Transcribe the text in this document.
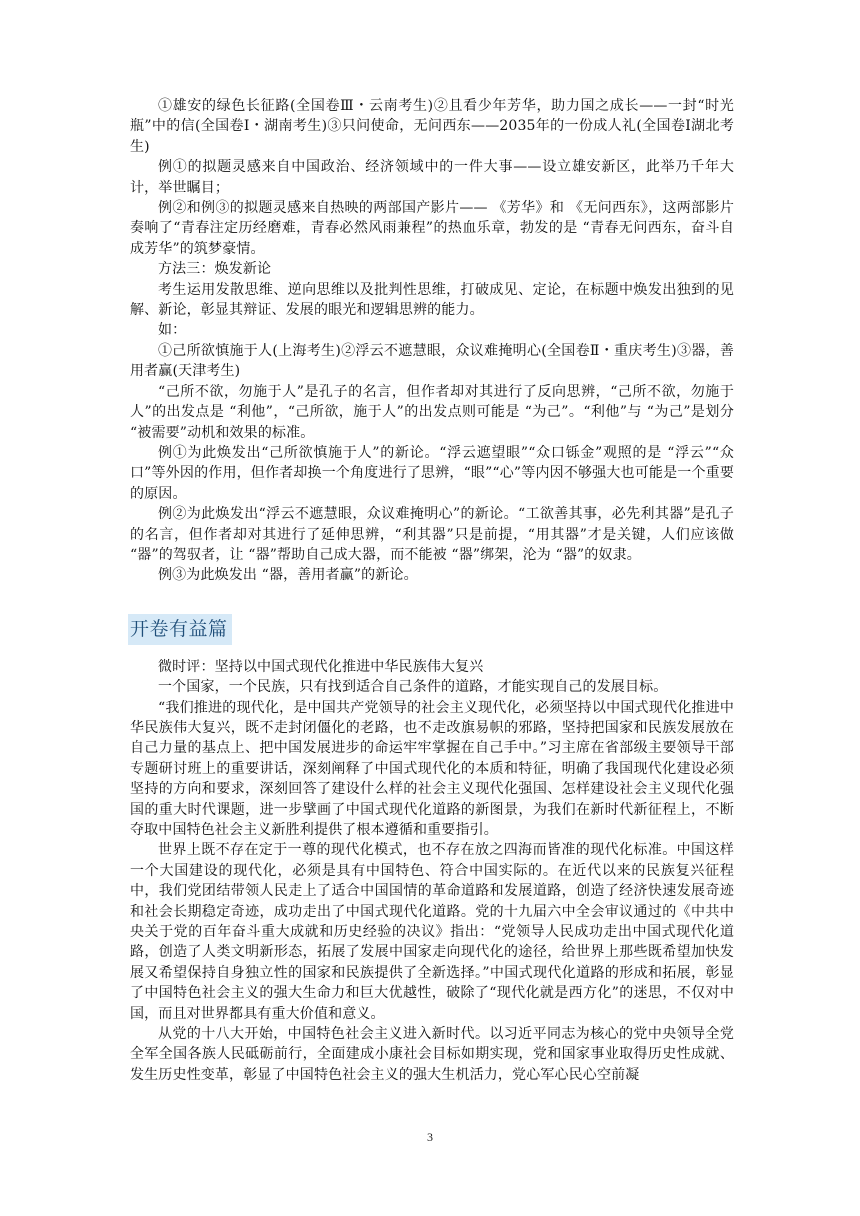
①雄安的绿色长征路(全国卷Ⅲ・云南考生)②且看少年芳华，助力国之成长——一封“时光瓶”中的信(全国卷Ⅰ・湖南考生)③只问使命，无问西东——2035年的一份成人礼(全国卷Ⅰ湖北考生)

例①的拟题灵感来自中国政治、经济领域中的一件大事——设立雄安新区，此举乃千年大计，举世瞩目；

例②和例③的拟题灵感来自热映的两部国产影片—— 《芳华》和 《无问西东》，这两部影片奏响了“青春注定历经磨难，青春必然风雨兼程”的热血乐章，勃发的是 “青春无问西东，奋斗自成芳华”的筑梦豪情。

方法三：焕发新论

考生运用发散思维、逆向思维以及批判性思维，打破成见、定论，在标题中焕发出独到的见解、新论，彰显其辩证、发展的眼光和逻辑思辨的能力。

如：

①己所欲慎施于人(上海考生)②浮云不遮慧眼，众议难掩明心(全国卷Ⅱ・重庆考生)③器，善用者赢(天津考生)

“己所不欲，勿施于人”是孔子的名言，但作者却对其进行了反向思辨，“己所不欲，勿施于人”的出发点是 “利他”，“己所欲，施于人”的出发点则可能是 “为己”。“利他”与 “为己”是划分 “被需要”动机和效果的标准。

例①为此焕发出“己所欲慎施于人”的新论。“浮云遮望眼”“众口铄金”观照的是 “浮云”“众口”等外因的作用，但作者却换一个角度进行了思辨，“眼”“心”等内因不够强大也可能是一个重要的原因。

例②为此焕发出“浮云不遮慧眼，众议难掩明心”的新论。“工欲善其事，必先利其器”是孔子的名言，但作者却对其进行了延伸思辨，“利其器”只是前提，“用其器”才是关键，人们应该做 “器”的驾驭者，让 “器”帮助自己成大器，而不能被 “器”绑架，沦为 “器”的奴隶。

例③为此焕发出 “器，善用者赢”的新论。

开卷有益篇

微时评：坚持以中国式现代化推进中华民族伟大复兴

一个国家，一个民族，只有找到适合自己条件的道路，才能实现自己的发展目标。

“我们推进的现代化，是中国共产党领导的社会主义现代化，必须坚持以中国式现代化推进中华民族伟大复兴，既不走封闭僵化的老路，也不走改旗易帜的邪路，坚持把国家和民族发展放在自己力量的基点上、把中国发展进步的命运牢牢掌握在自己手中。”习主席在省部级主要领导干部专题研讨班上的重要讲话，深刻阐释了中国式现代化的本质和特征，明确了我国现代化建设必须坚持的方向和要求，深刻回答了建设什么样的社会主义现代化强国、怎样建设社会主义现代化强国的重大时代课题，进一步擘画了中国式现代化道路的新图景，为我们在新时代新征程上，不断夺取中国特色社会主义新胜利提供了根本遵循和重要指引。

世界上既不存在定于一尊的现代化模式，也不存在放之四海而皆准的现代化标准。中国这样一个大国建设的现代化，必须是具有中国特色、符合中国实际的。在近代以来的民族复兴征程中，我们党团结带领人民走上了适合中国国情的革命道路和发展道路，创造了经济快速发展奇迹和社会长期稳定奇迹，成功走出了中国式现代化道路。党的十九届六中全会审议通过的《中共中央关于党的百年奋斗重大成就和历史经验的决议》指出：“党领导人民成功走出中国式现代化道路，创造了人类文明新形态，拓展了发展中国家走向现代化的途径，给世界上那些既希望加快发展又希望保持自身独立性的国家和民族提供了全新选择。”中国式现代化道路的形成和拓展，彰显了中国特色社会主义的强大生命力和巨大优越性，破除了“现代化就是西方化”的迷思，不仅对中国，而且对世界都具有重大价值和意义。

从党的十八大开始，中国特色社会主义进入新时代。以习近平同志为核心的党中央领导全党全军全国各族人民砥砺前行，全面建成小康社会目标如期实现，党和国家事业取得历史性成就、发生历史性变革，彰显了中国特色社会主义的强大生机活力，党心军心民心空前凝

3
